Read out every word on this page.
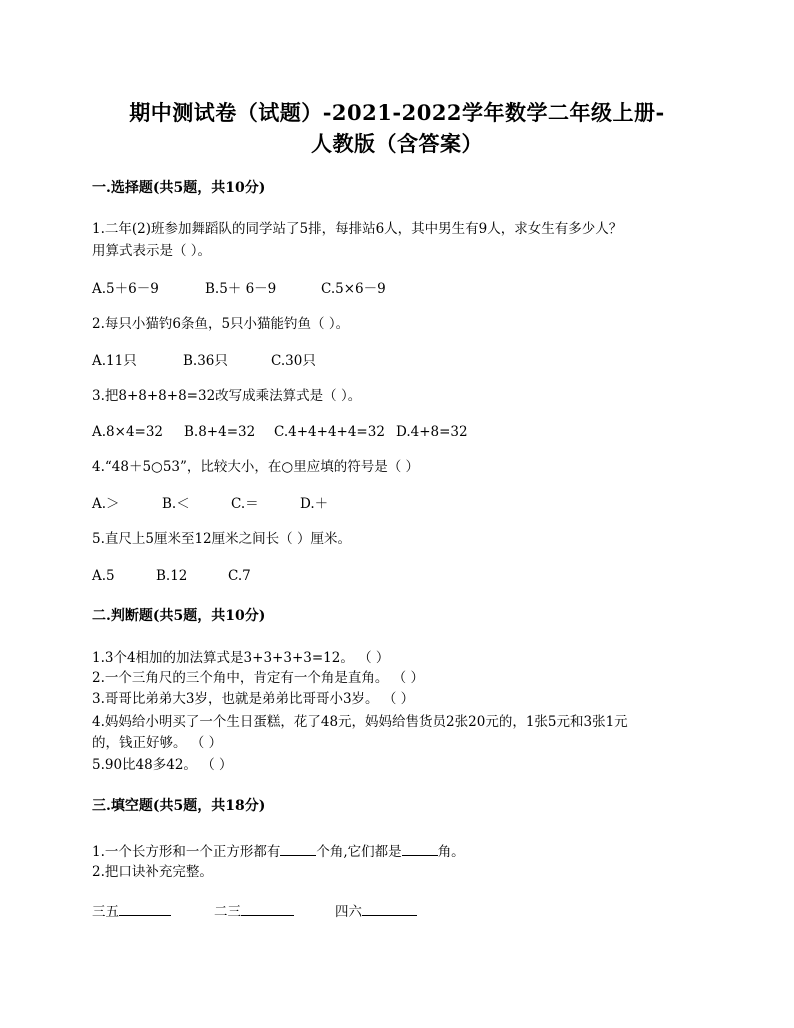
期中测试卷（试题）-2021-2022学年数学二年级上册-
人教版（含答案）
一.选择题(共5题，共10分)
1.二年(2)班参加舞蹈队的同学站了5排，每排站6人，其中男生有9人，求女生有多少人？
用算式表示是（ ）。
A.5＋6－9	B.5＋ 6－9	C.5×6－9
2.每只小猫钓6条鱼，5只小猫能钓鱼（ ）。
A.11只	B.36只	C.30只
3.把8+8+8+8=32改写成乘法算式是（ ）。
A.8×4=32 B.8+4=32 C.4+4+4+4=32 D.4+8=32
4.“48＋5○53”，比较大小，在○里应填的符号是（ ）
A.＞	B.＜	C.＝	D.＋
5.直尺上5厘米至12厘米之间长（ ）厘米。
A.5	B.12	C.7
二.判断题(共5题，共10分)
1.3个4相加的加法算式是3+3+3+3=12。 （ ）
2.一个三角尺的三个角中，肯定有一个角是直角。 （ ）
3.哥哥比弟弟大3岁，也就是弟弟比哥哥小3岁。 （ ）
4.妈妈给小明买了一个生日蛋糕，花了48元，妈妈给售货员2张20元的，1张5元和3张1元
的，钱正好够。 （ ）
5.90比48多42。 （ ）
三.填空题(共5题，共18分)
1.一个长方形和一个正方形都有	个角,它们都是	角。
2.把口诀补充完整。
三五	二三	四六
